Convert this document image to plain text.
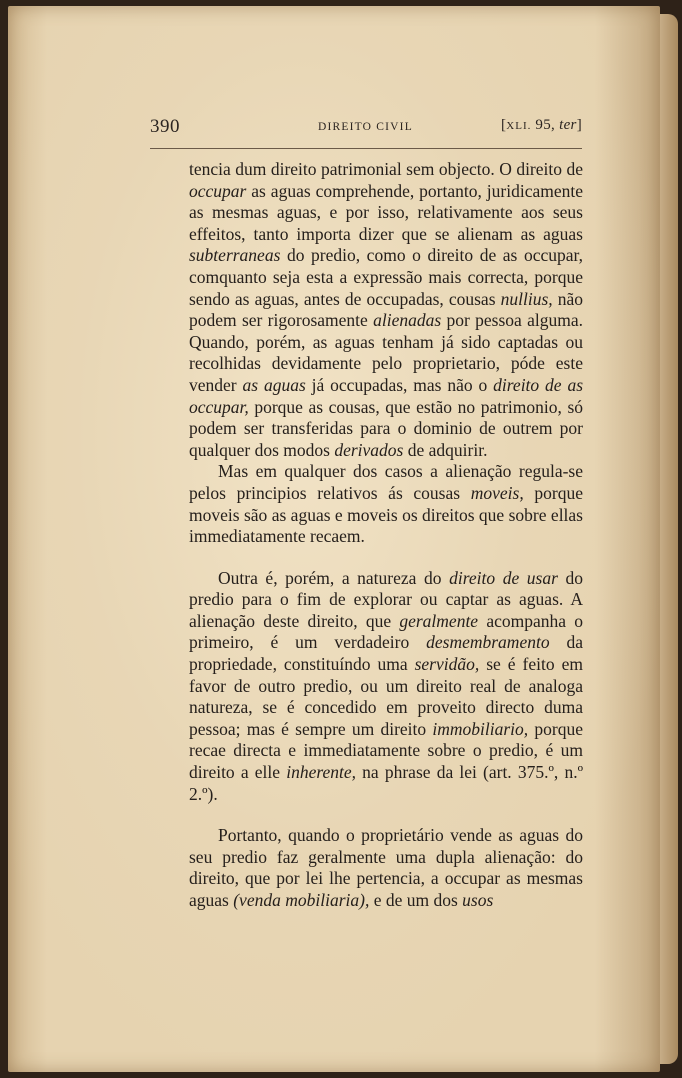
390	DIREITO CIVIL	[XLI. 95, ter]

tencia dum direito patrimonial sem objecto. O direito de occupar as aguas comprehende, portanto, juridicamente as mesmas aguas, e por isso, relativamente aos seus effeitos, tanto importa dizer que se alienam as aguas subterraneas do predio, como o direito de as occupar, comquanto seja esta a expressão mais correcta, porque sendo as aguas, antes de occupadas, cousas nullius, não podem ser rigorosamente alienadas por pessoa alguma. Quando, porém, as aguas tenham já sido captadas ou recolhidas devidamente pelo proprietario, póde este vender as aguas já occupadas, mas não o direito de as occupar, porque as cousas, que estão no patrimonio, só podem ser transferidas para o dominio de outrem por qualquer dos modos derivados de adquirir.

Mas em qualquer dos casos a alienação regula-se pelos principios relativos ás cousas moveis, porque moveis são as aguas e moveis os direitos que sobre ellas immediatamente recaem.

Outra é, porém, a natureza do direito de usar do predio para o fim de explorar ou captar as aguas. A alienação deste direito, que geralmente acompanha o primeiro, é um verdadeiro desmembramento da propriedade, constituíndo uma servidão, se é feito em favor de outro predio, ou um direito real de analoga natureza, se é concedido em proveito directo duma pessoa; mas é sempre um direito immobiliario, porque recae directa e immediatamente sobre o predio, é um direito a elle inherente, na phrase da lei (art. 375.º, n.º 2.º).

Portanto, quando o proprietário vende as aguas do seu predio faz geralmente uma dupla alienação: do direito, que por lei lhe pertencia, a occupar as mesmas aguas (venda mobiliaria), e de um dos usos
